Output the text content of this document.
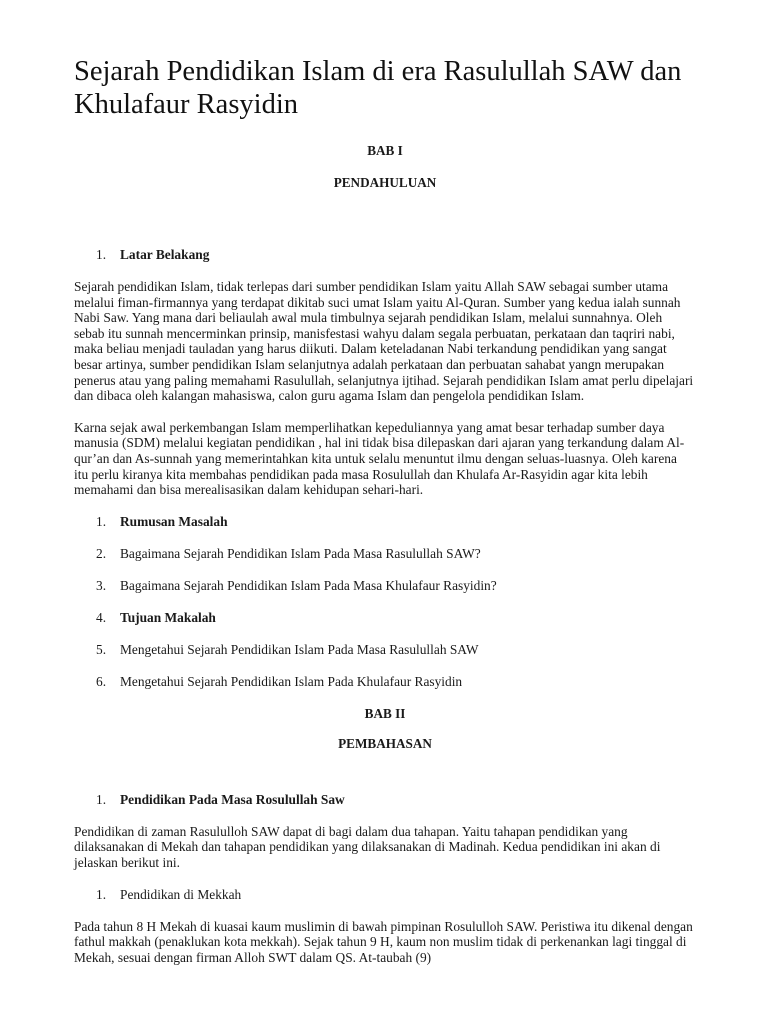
Sejarah Pendidikan Islam di era Rasulullah SAW dan Khulafaur Rasyidin
BAB I
PENDAHULUAN
1.	Latar Belakang

Sejarah pendidikan Islam, tidak terlepas dari sumber pendidikan Islam yaitu Allah SAW sebagai sumber utama melalui fiman-firmannya yang terdapat dikitab suci umat Islam yaitu Al-Quran. Sumber yang kedua ialah sunnah Nabi Saw. Yang mana dari beliaulah awal mula timbulnya sejarah pendidikan Islam, melalui sunnahnya. Oleh sebab itu sunnah mencerminkan prinsip, manisfestasi wahyu dalam segala perbuatan, perkataan dan taqriri nabi, maka beliau menjadi tauladan yang harus diikuti. Dalam keteladanan Nabi terkandung pendidikan yang sangat besar artinya, sumber pendidikan Islam selanjutnya adalah perkataan dan perbuatan sahabat yangn merupakan penerus atau yang paling memahami Rasulullah, selanjutnya ijtihad. Sejarah pendidikan Islam amat perlu dipelajari dan dibaca oleh kalangan mahasiswa, calon guru agama Islam dan pengelola pendidikan Islam.

Karna sejak awal perkembangan Islam memperlihatkan kepeduliannya yang amat besar terhadap sumber daya manusia (SDM) melalui kegiatan pendidikan , hal ini tidak bisa dilepaskan dari ajaran yang terkandung dalam Al-qur’an dan As-sunnah yang memerintahkan kita untuk selalu menuntut ilmu dengan seluas-luasnya. Oleh karena itu perlu kiranya kita membahas pendidikan pada masa Rosulullah dan Khulafa Ar-Rasyidin agar kita lebih memahami dan bisa merealisasikan dalam kehidupan sehari-hari.

1.	Rumusan Masalah
2.	Bagaimana Sejarah Pendidikan Islam Pada Masa Rasulullah SAW?
3.	Bagaimana Sejarah Pendidikan Islam Pada Masa Khulafaur Rasyidin?
4.	Tujuan Makalah
5.	Mengetahui Sejarah Pendidikan Islam Pada Masa Rasulullah SAW
6.	Mengetahui Sejarah Pendidikan Islam Pada Khulafaur Rasyidin
BAB II
PEMBAHASAN
1.	Pendidikan Pada Masa Rosulullah Saw

Pendidikan di zaman Rasululloh SAW dapat di bagi dalam dua tahapan. Yaitu tahapan pendidikan yang dilaksanakan di Mekah dan tahapan pendidikan yang dilaksanakan di Madinah. Kedua pendidikan ini akan di jelaskan berikut ini.

1.	Pendidikan di Mekkah

Pada tahun 8 H Mekah di kuasai kaum muslimin di bawah pimpinan Rosululloh SAW. Peristiwa itu dikenal dengan fathul makkah (penaklukan kota mekkah). Sejak tahun 9 H, kaum non muslim tidak di perkenankan lagi tinggal di Mekah, sesuai dengan firman Alloh SWT dalam QS. At-taubah (9)
